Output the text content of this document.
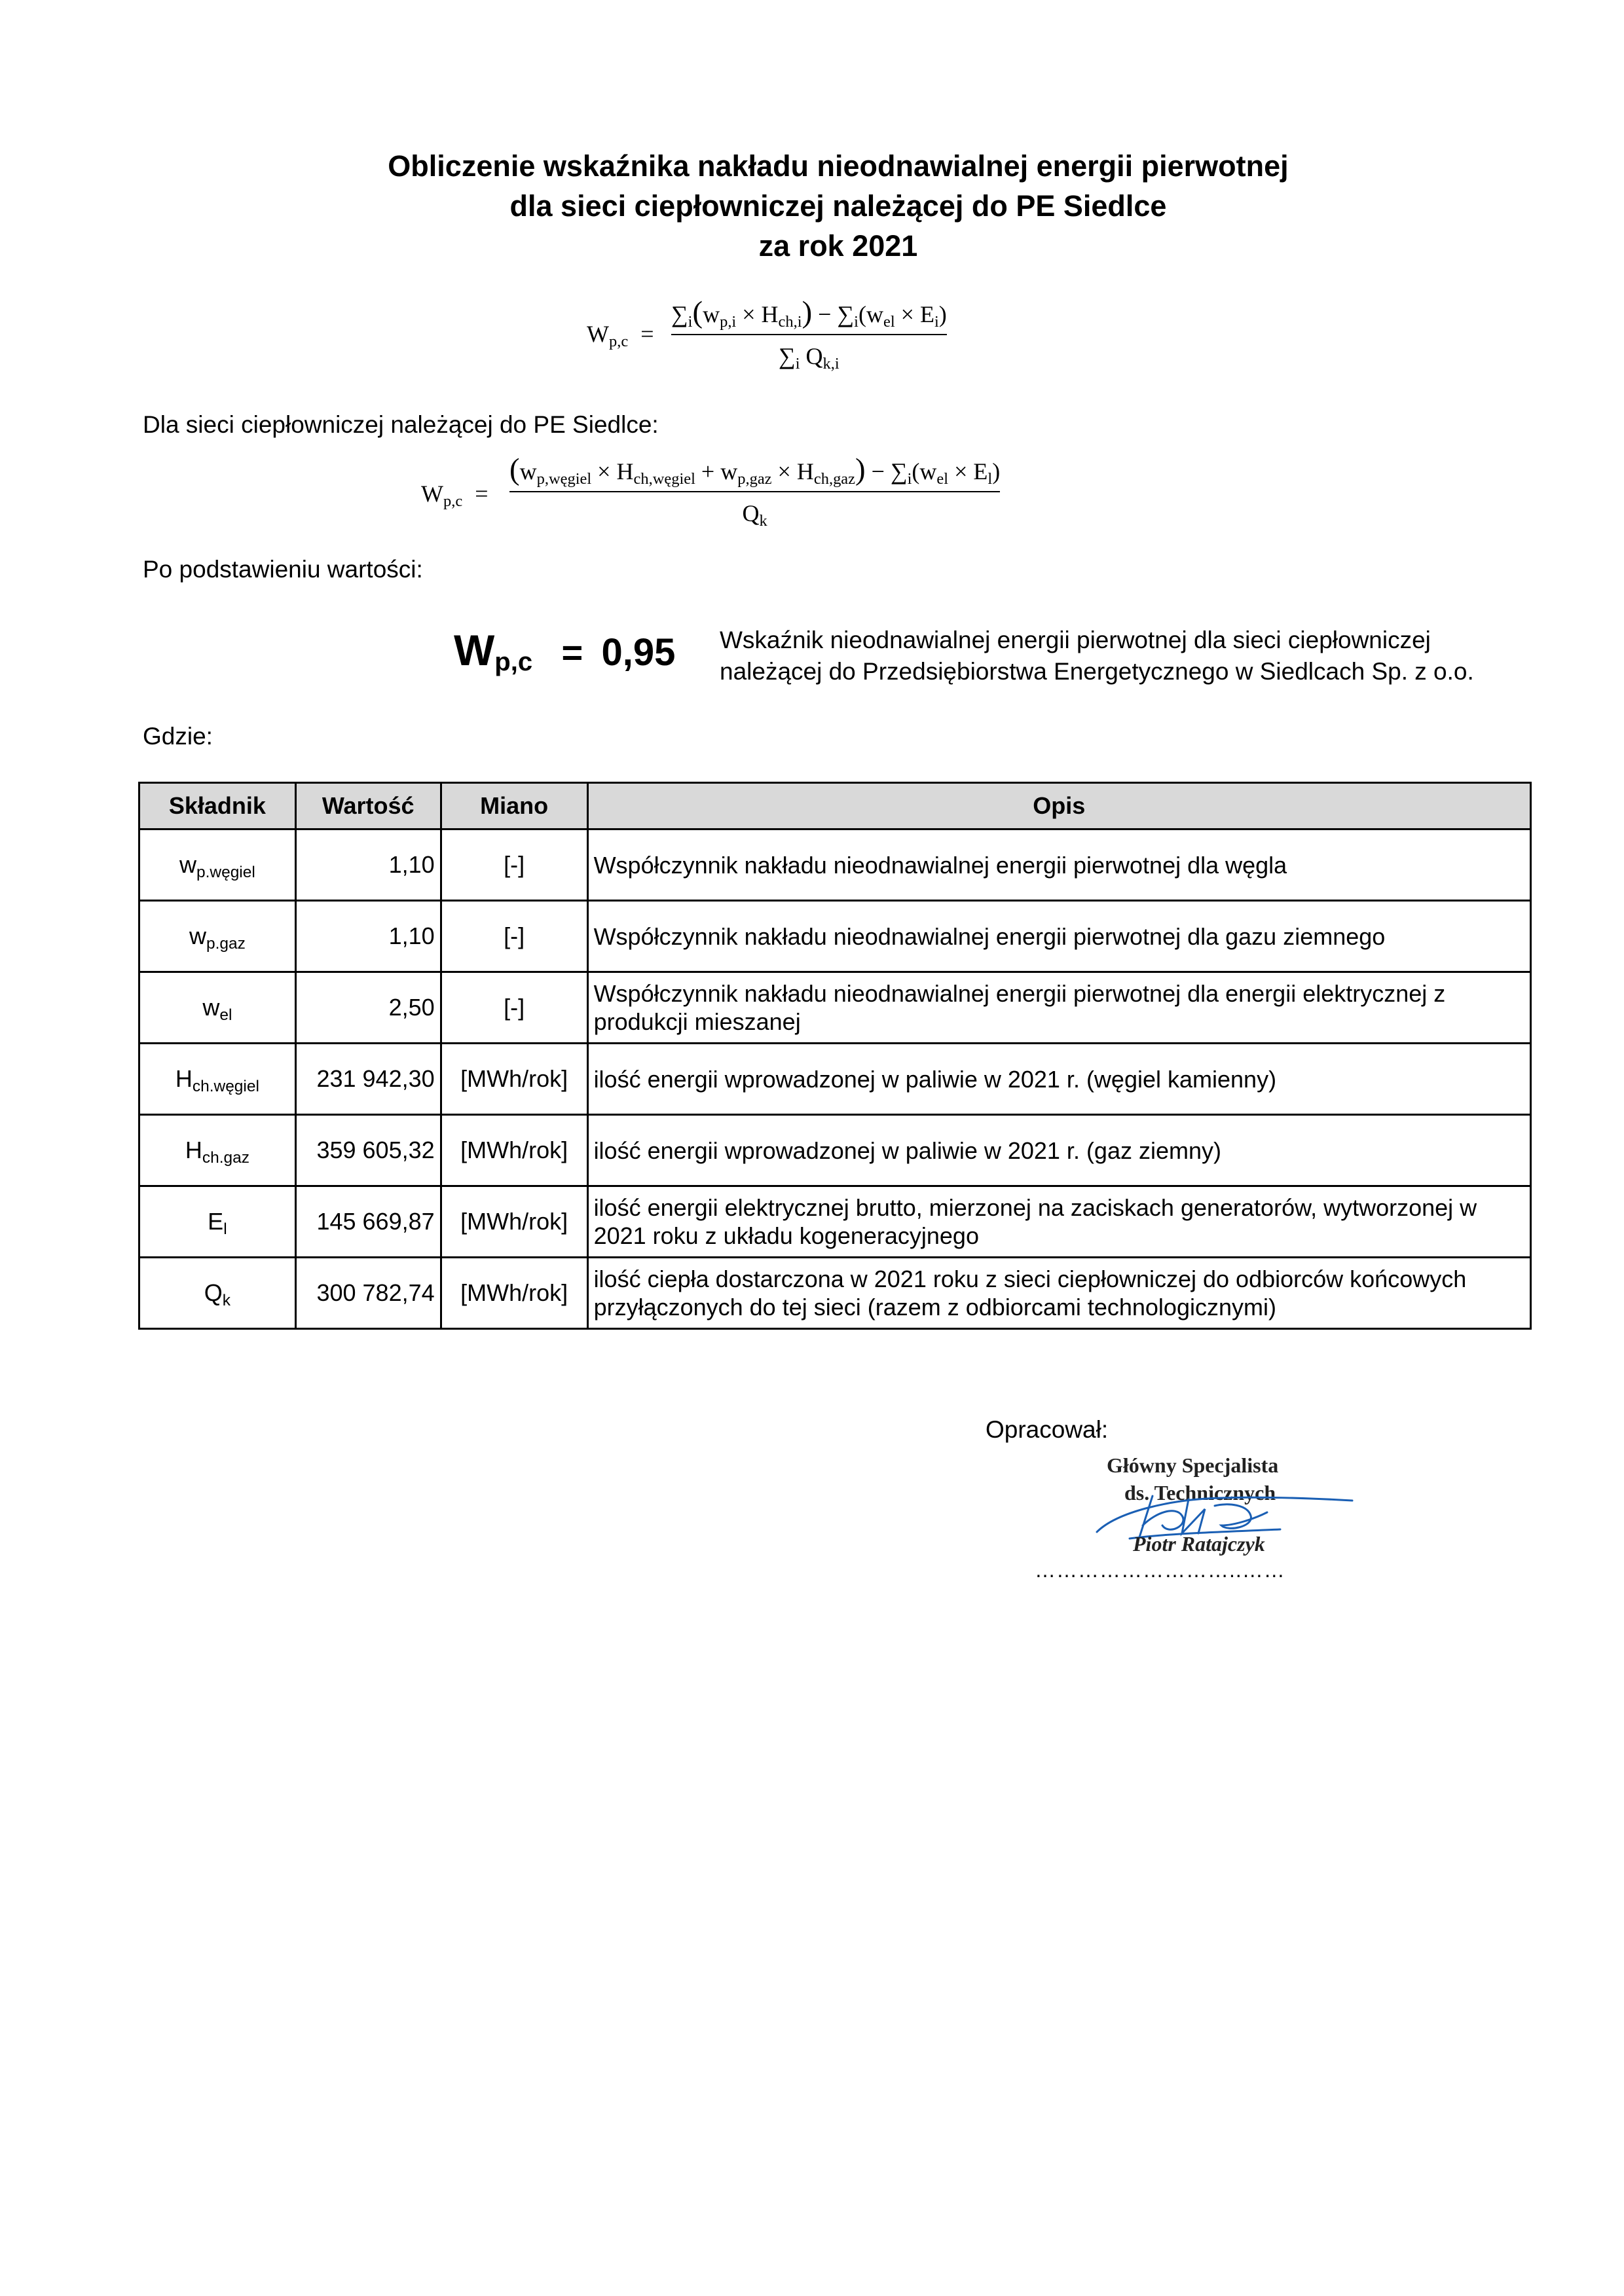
Obliczenie wskaźnika nakładu nieodnawialnej energii pierwotnej
dla sieci ciepłowniczej należącej do PE Siedlce
za rok 2021
$W_{p,c}$ =
$\sum_i(w_{p,i} \times H_{ch,i}) - \sum_i(w_{el} \times E_i)$
$\sum_i$ $Q_{k,i}$
Dla sieci ciepłowniczej należącej do PE Siedlce:
$W_{p,c}$ =
$(w_{p,węgiel} \times H_{ch,węgiel} + w_{p,gaz} \times H_{ch,gaz}) - \sum_i(w_{el} \times E_l)$
$Q_k$
Po podstawieniu wartości:
$W_{p,c} = 0,95$ Wskaźnik nieodnawialnej energii pierwotnej dla sieci ciepłowniczej
należącej do Przedsiębiorstwa Energetycznego w Siedlcach Sp. z o.o.
Gdzie:
Składnik	Wartość	Miano	Opis
$w_{p.węgiel}$	1,10	[-]	Współczynnik nakładu nieodnawialnej energii pierwotnej dla węgla
$w_{p.gaz}$	1,10	[-]	Współczynnik nakładu nieodnawialnej energii pierwotnej dla gazu ziemnego
$w_{el}$	2,50	[-]	Współczynnik nakładu nieodnawialnej energii pierwotnej dla energii elektrycznej z produkcji mieszanej
$H_{ch.węgiel}$	231 942,30	[MWh/rok]	ilość energii wprowadzonej w paliwie w 2021 r. (węgiel kamienny)
$H_{ch.gaz}$	359 605,32	[MWh/rok]	ilość energii wprowadzonej w paliwie w 2021 r. (gaz ziemny)
$E_l$	145 669,87	[MWh/rok]	ilość energii elektrycznej brutto, mierzonej na zaciskach generatorów, wytworzonej w 2021 roku z układu kogeneracyjnego
$Q_k$	300 782,74	[MWh/rok]	ilość ciepła dostarczona w 2021 roku z sieci ciepłowniczej do odbiorców końcowych przyłączonych do tej sieci (razem z odbiorcami technologicznymi)
Opracował:
Główny Specjalista
ds. Technicznych
Piotr Ratajczyk
………………………..……
